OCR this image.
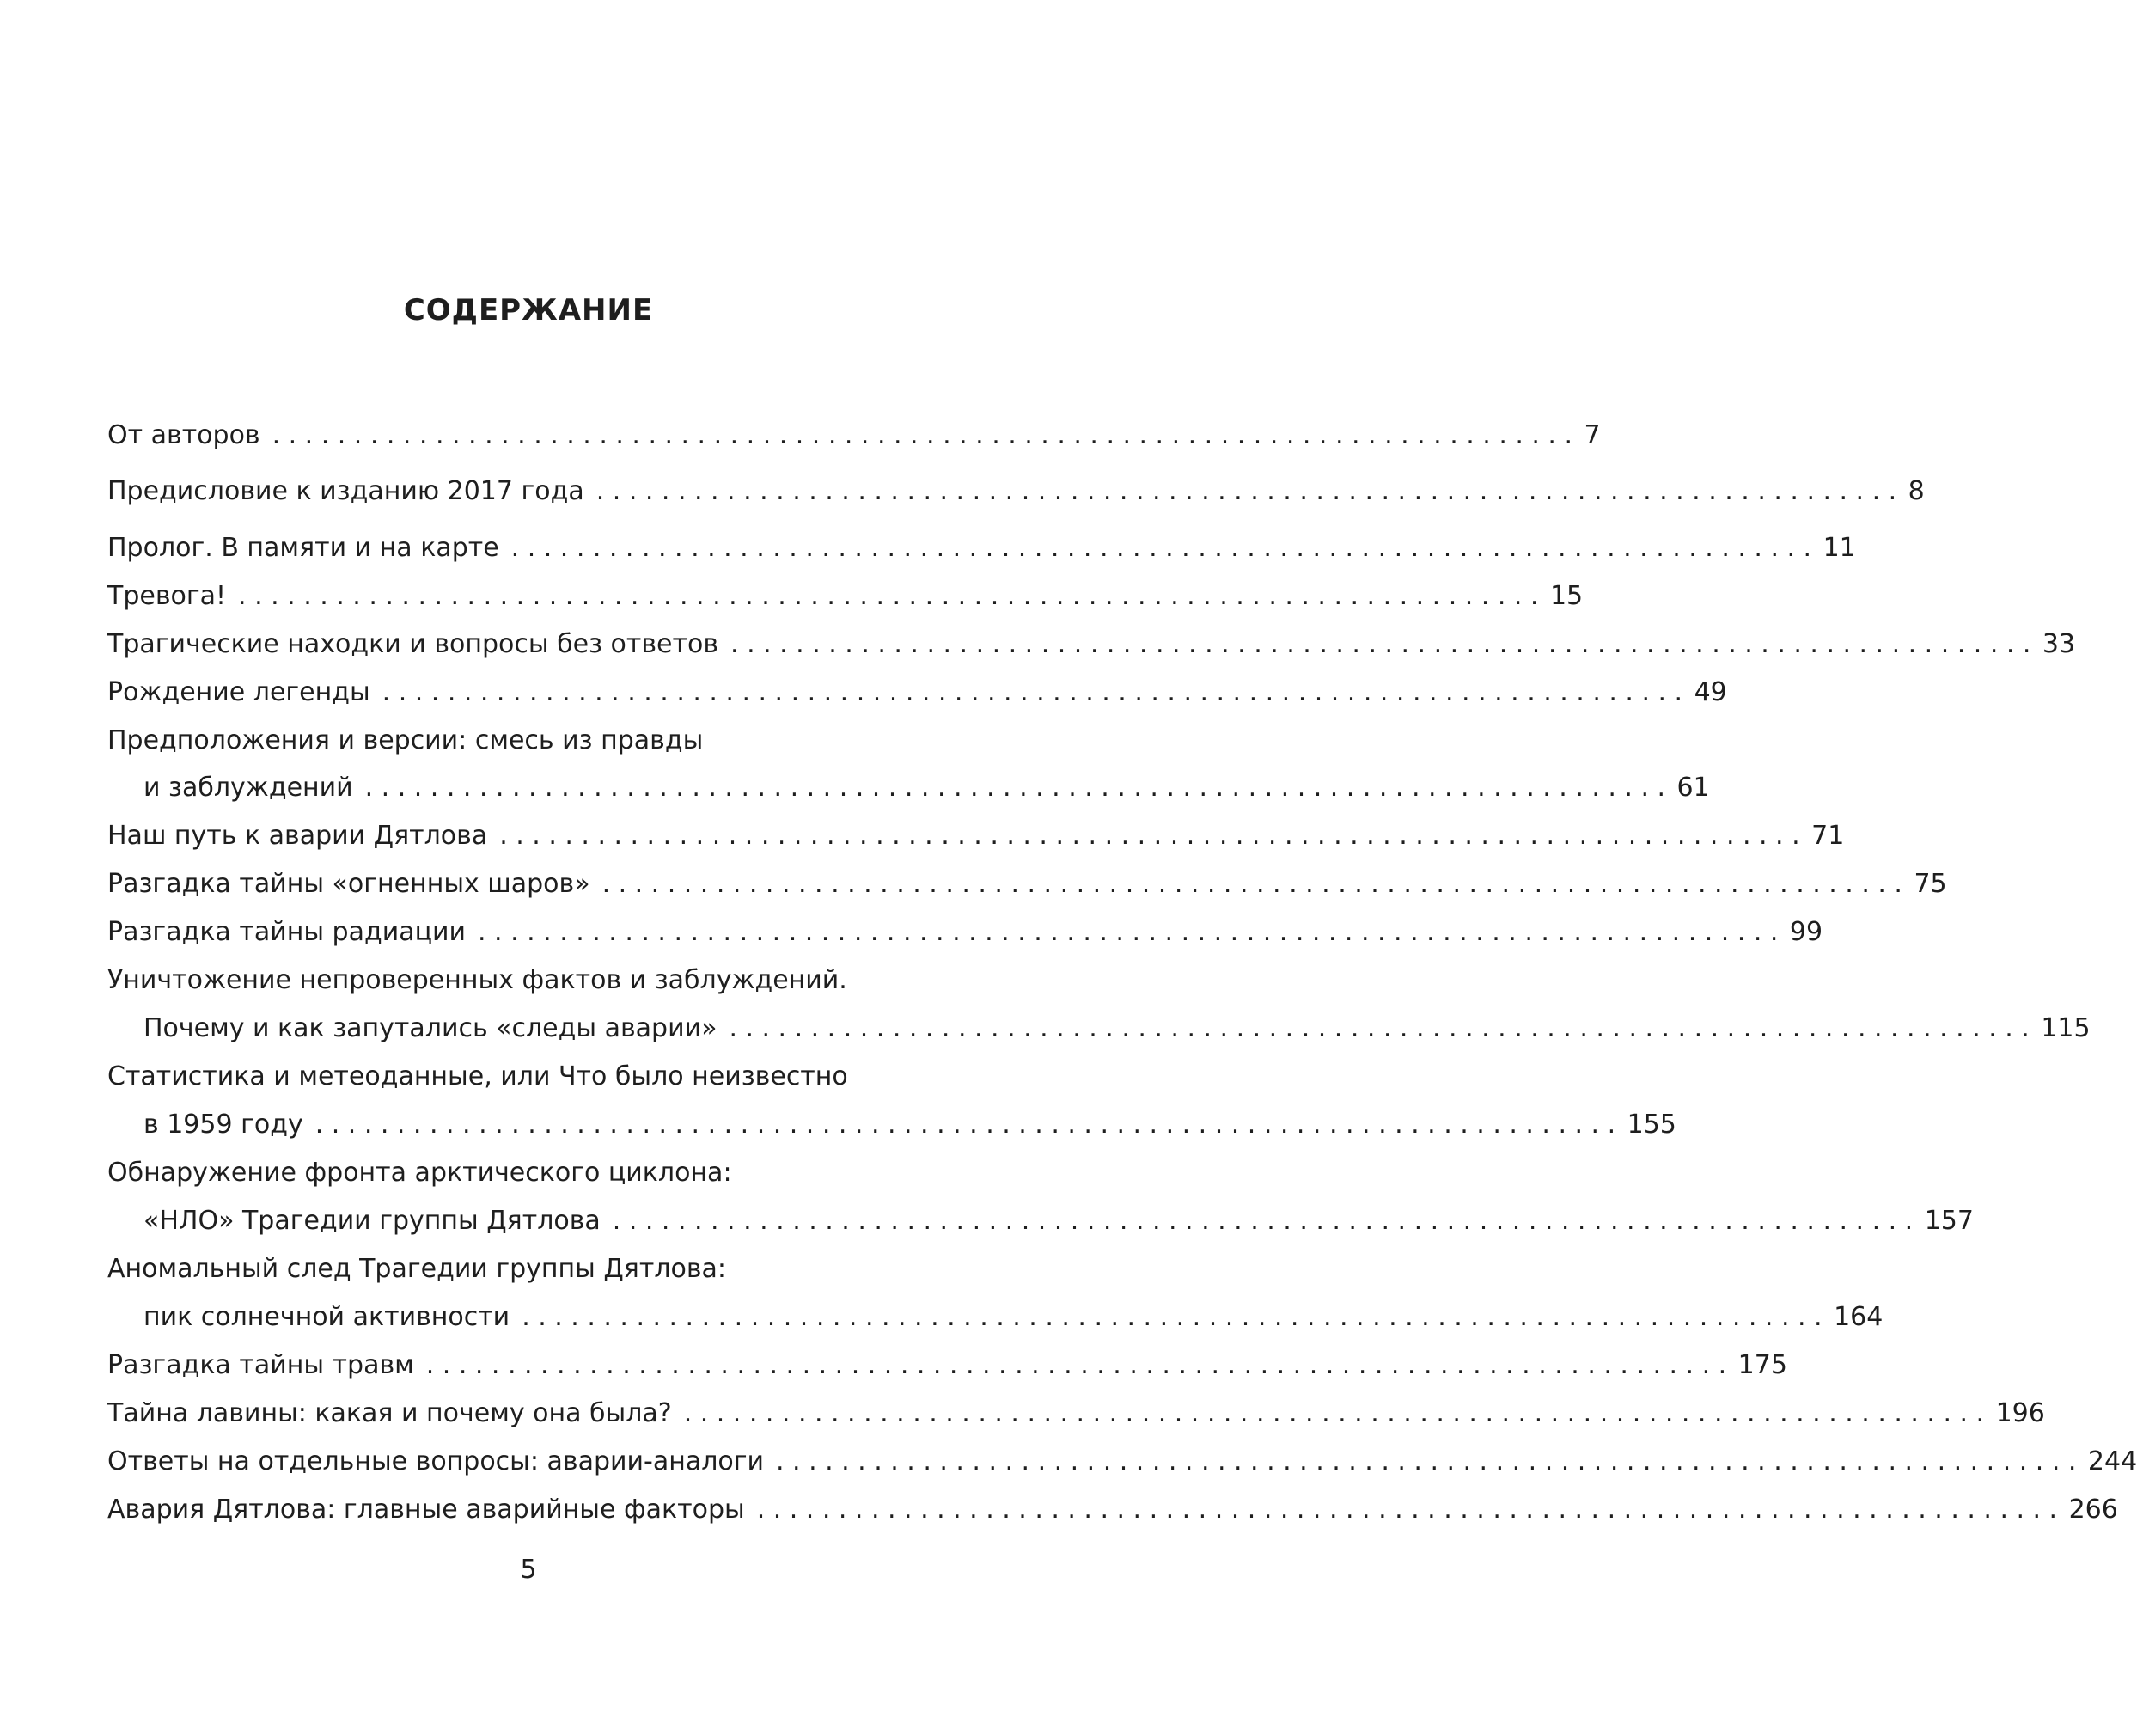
СОДЕРЖАНИЕ
От авторов ................................................................................ 7
Предисловие к изданию 2017 года ................................................................................ 8
Пролог. В памяти и на карте ................................................................................ 11
Тревога! ................................................................................ 15
Трагические находки и вопросы без ответов ................................................................................ 33
Рождение легенды ................................................................................ 49
Предположения и версии: смесь из правды
и заблуждений ................................................................................ 61
Наш путь к аварии Дятлова ................................................................................ 71
Разгадка тайны «огненных шаров» ................................................................................ 75
Разгадка тайны радиации ................................................................................ 99
Уничтожение непроверенных фактов и заблуждений.
Почему и как запутались «следы аварии» ................................................................................ 115
Статистика и метеоданные, или Что было неизвестно
в 1959 году ................................................................................ 155
Обнаружение фронта арктического циклона:
«НЛО» Трагедии группы Дятлова ................................................................................ 157
Аномальный след Трагедии группы Дятлова:
пик солнечной активности ................................................................................ 164
Разгадка тайны травм ................................................................................ 175
Тайна лавины: какая и почему она была? ................................................................................ 196
Ответы на отдельные вопросы: аварии-аналоги ................................................................................ 244
Авария Дятлова: главные аварийные факторы ................................................................................ 266
5
